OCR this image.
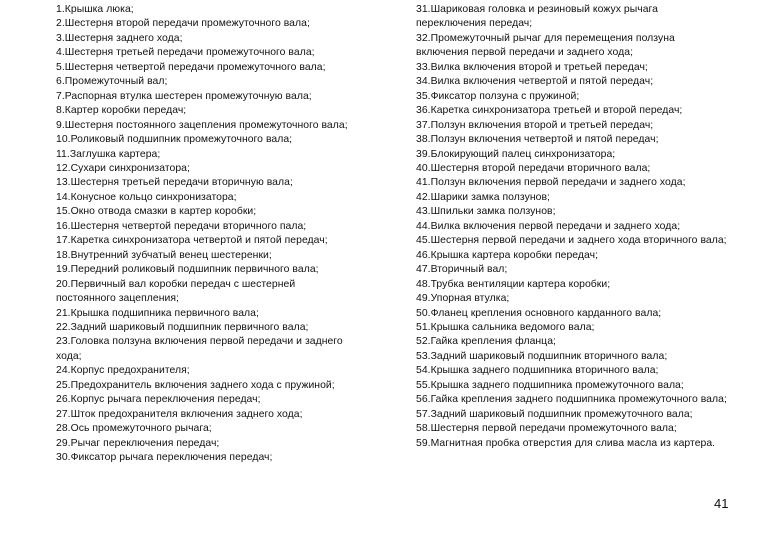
1.Крышка люка;
2.Шестерня второй передачи промежуточного вала;
3.Шестерня заднего хода;
4.Шестерня третьей передачи промежуточного вала;
5.Шестерня четвертой передачи промежуточного вала;
6.Промежуточный вал;
7.Распорная втулка шестерен промежуточную вала;
8.Картер коробки передач;
9.Шестерня постоянного зацепления промежуточного вала;
10.Роликовый подшипник промежуточного вала;
11.Заглушка картера;
12.Сухари синхронизатора;
13.Шестерня третьей передачи вторичную вала;
14.Конусное кольцо синхронизатора;
15.Окно отвода смазки в картер коробки;
16.Шестерня четвертой передачи вторичного пала;
17.Каретка синхронизатора четвертой и пятой передач;
18.Внутренний зубчатый венец шестеренки;
19.Передний роликовый подшипник первичного вала;
20.Первичный вал коробки передач с шестерней постоянного зацепления;
21.Крышка подшипника первичного вала;
22.Задний шариковый подшипник первичного вала;
23.Головка ползуна включения первой передачи и заднего хода;
24.Корпус предохранителя;
25.Предохранитель включения заднего хода с пружиной;
26.Корпус рычага переключения передач;
27.Шток предохранителя включения заднего хода;
28.Ось промежуточного рычага;
29.Рычаг переключения передач;
30.Фиксатор рычага переключения передач;
31.Шариковая головка и резиновый кожух рычага переключения передач;
32.Промежуточный рычаг для перемещения ползуна включения первой передачи и заднего хода;
33.Вилка включения второй и третьей передач;
34.Вилка включения четвертой и пятой передач;
35.Фиксатор ползуна с пружиной;
36.Каретка синхронизатора третьей и второй передач;
37.Ползун включения второй и третьей передач;
38.Ползун включения четвертой и пятой передач;
39.Блокирующий палец синхронизатора;
40.Шестерня второй передачи вторичного вала;
41.Ползун включения первой передачи и заднего хода;
42.Шарики замка ползунов;
43.Шпильки замка ползунов;
44.Вилка включения первой передачи и заднего хода;
45.Шестерня первой передачи и заднего хода вторичного вала;
46.Крышка картера коробки передач;
47.Вторичный вал;
48.Трубка вентиляции картера коробки;
49.Упорная втулка;
50.Фланец крепления основного карданного вала;
51.Крышка сальника ведомого вала;
52.Гайка крепления фланца;
53.Задний шариковый подшипник вторичного вала;
54.Крышка заднего подшипника вторичного вала;
55.Крышка заднего подшипника промежуточного вала;
56.Гайка крепления заднего подшипника промежуточного вала;
57.Задний шариковый подшипник промежуточного вала;
58.Шестерня первой передачи промежуточного вала;
59.Магнитная пробка отверстия для слива масла из картера.
41
